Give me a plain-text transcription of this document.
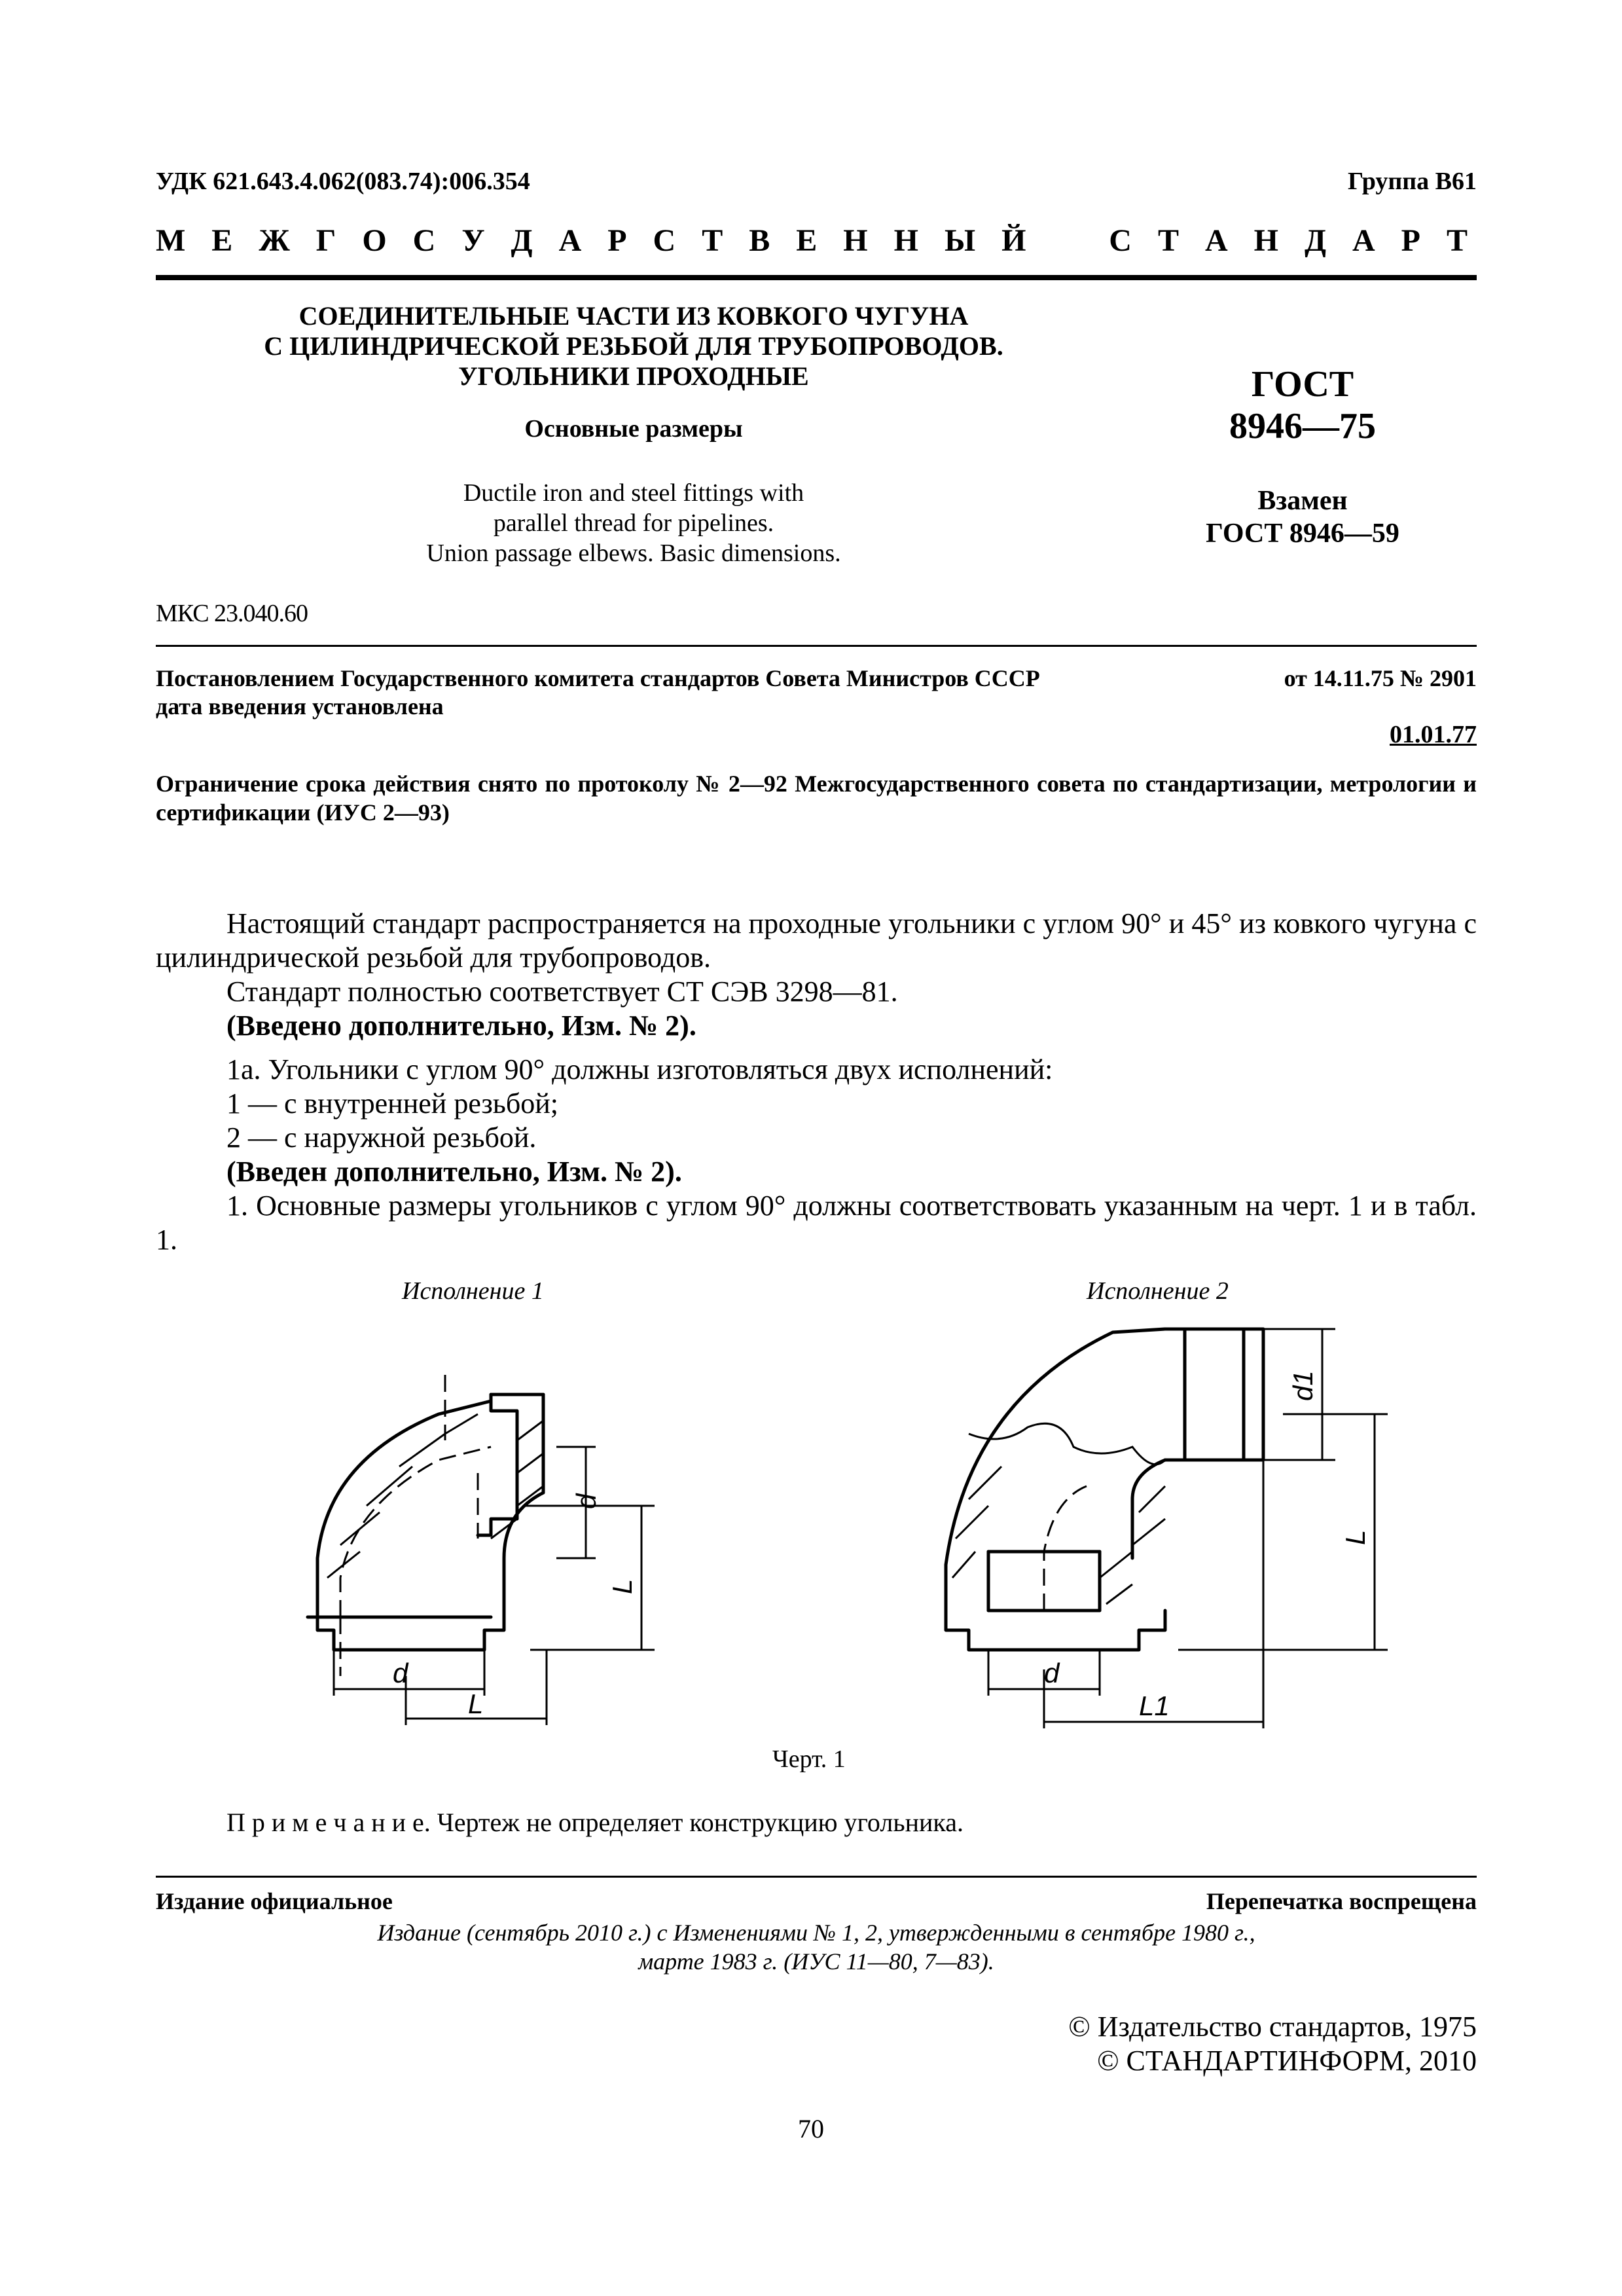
УДК 621.643.4.062(083.74):006.354	Группа В61
М Е Ж Г О С У Д А Р С Т В Е Н Н Ы Й С Т А Н Д А Р Т
СОЕДИНИТЕЛЬНЫЕ ЧАСТИ ИЗ КОВКОГО ЧУГУНА
С ЦИЛИНДРИЧЕСКОЙ РЕЗЬБОЙ ДЛЯ ТРУБОПРОВОДОВ.
УГОЛЬНИКИ ПРОХОДНЫЕ
Основные размеры
Ductile iron and steel fittings with
parallel thread for pipelines.
Union passage elbews. Basic dimensions.
ГОСТ
8946—75
Взамен
ГОСТ 8946—59
МКС 23.040.60
Постановлением Государственного комитета стандартов Совета Министров СССР	от 14.11.75 № 2901
дата введения установлена
01.01.77
Ограничение срока действия снято по протоколу № 2—92 Межгосударственного совета по стандартизации, метрологии и сертификации (ИУС 2—93)
Настоящий стандарт распространяется на проходные угольники с углом 90° и 45° из ковкого чугуна с цилиндрической резьбой для трубопроводов.
Стандарт полностью соответствует СТ СЭВ 3298—81.
(Введено дополнительно, Изм. № 2).
1а. Угольники с углом 90° должны изготовляться двух исполнений:
1 — с внутренней резьбой;
2 — с наружной резьбой.
(Введен дополнительно, Изм. № 2).
1. Основные размеры угольников с углом 90° должны соответствовать указанным на черт. 1 и в табл. 1.
Исполнение 1	Исполнение 2
d
L
d
L
d1
L
d
L1
Черт. 1
П р и м е ч а н и е. Чертеж не определяет конструкцию угольника.
Издание официальное	Перепечатка воспрещена
Издание (сентябрь 2010 г.) с Изменениями № 1, 2, утвержденными в сентябре 1980 г.,
марте 1983 г. (ИУС 11—80, 7—83).
© Издательство стандартов, 1975
© СТАНДАРТИНФОРМ, 2010
70
